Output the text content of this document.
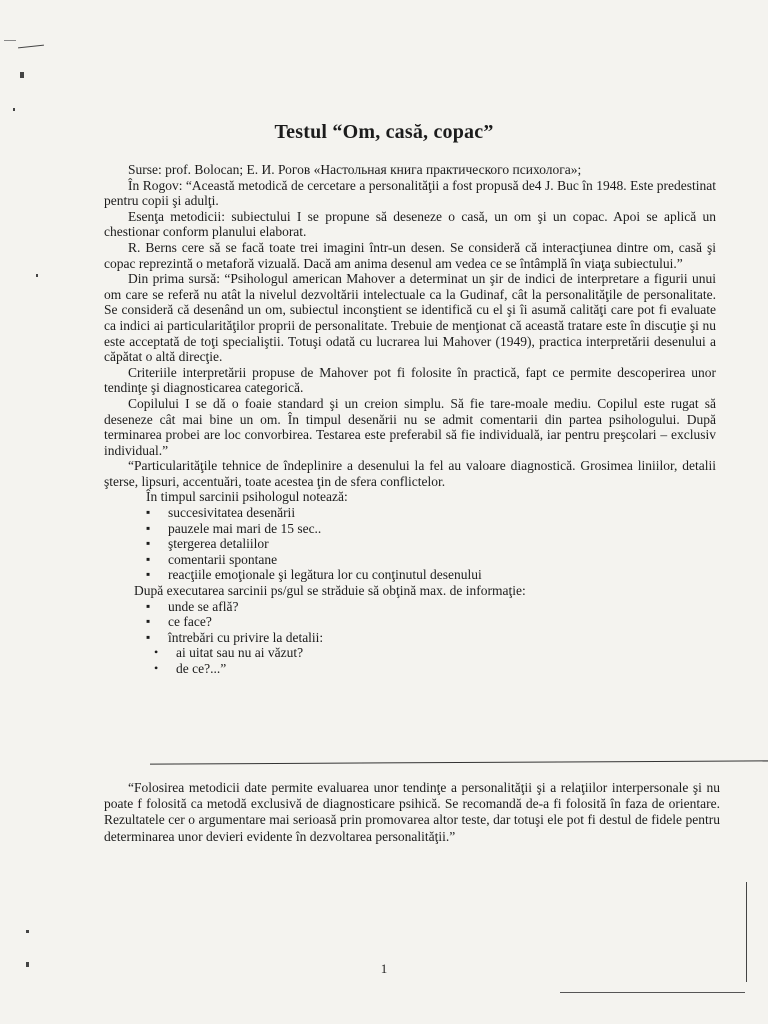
Testul “Om, casă, copac”

Surse: prof. Bolocan; Е. И. Рогов «Настольная книга практического психолога»;

În Rogov: “Această metodică de cercetare a personalităţii a fost propusă de4 J. Buc în 1948. Este predestinat pentru copii şi adulţi.

Esenţa metodicii: subiectului I se propune să deseneze o casă, un om şi un copac. Apoi se aplică un chestionar conform planului elaborat.

R. Berns cere să se facă toate trei imagini într-un desen. Se consideră că interacţiunea dintre om, casă şi copac reprezintă o metaforă vizuală. Dacă am anima desenul am vedea ce se întâmplă în viaţa subiectului.”

Din prima sursă: “Psihologul american Mahover a determinat un şir de indici de interpretare a figurii unui om care se referă nu atât la nivelul dezvoltării intelectuale ca la Gudinaf, cât la personalităţile de personalitate. Se consideră că desenând un om, subiectul inconştient se identifică cu el şi îi asumă calităţi care pot fi evaluate ca indici ai particularităţilor proprii de personalitate. Trebuie de menţionat că această tratare este în discuţie şi nu este acceptată de toţi specialiştii. Totuşi odată cu lucrarea lui Mahover (1949), practica interpretării desenului a căpătat o altă direcţie.

Criteriile interpretării propuse de Mahover pot fi folosite în practică, fapt ce permite descoperirea unor tendinţe şi diagnosticarea categorică.

Copilului I se dă o foaie standard şi un creion simplu. Să fie tare-moale mediu. Copilul este rugat să deseneze cât mai bine un om. În timpul desenării nu se admit comentarii din partea psihologului. După terminarea probei are loc convorbirea. Testarea este preferabil să fie individuală, iar pentru preşcolari – exclusiv individual.”

“Particularităţile tehnice de îndeplinire a desenului la fel au valoare diagnostică. Grosimea liniilor, detalii şterse, lipsuri, accentuări, toate acestea ţin de sfera conflictelor.

În timpul sarcinii psihologul notează:

▪ succesivitatea desenării
▪ pauzele mai mari de 15 sec..
▪ ştergerea detaliilor
▪ comentarii spontane
▪ reacţiile emoţionale şi legătura lor cu conţinutul desenului

După executarea sarcinii ps/gul se străduie să obţină max. de informaţie:

▪ unde se află?
▪ ce face?
▪ întrebări cu privire la detalii:
• ai uitat sau nu ai văzut?
• de ce?...”

“Folosirea metodicii date permite evaluarea unor tendinţe a personalităţii şi a relaţiilor interpersonale şi nu poate f folosită ca metodă exclusivă de diagnosticare psihică. Se recomandă de-a fi folosită în faza de orientare. Rezultatele cer o argumentare mai serioasă prin promovarea altor teste, dar totuşi ele pot fi destul de fidele pentru determinarea unor devieri evidente în dezvoltarea personalităţii.”

1
